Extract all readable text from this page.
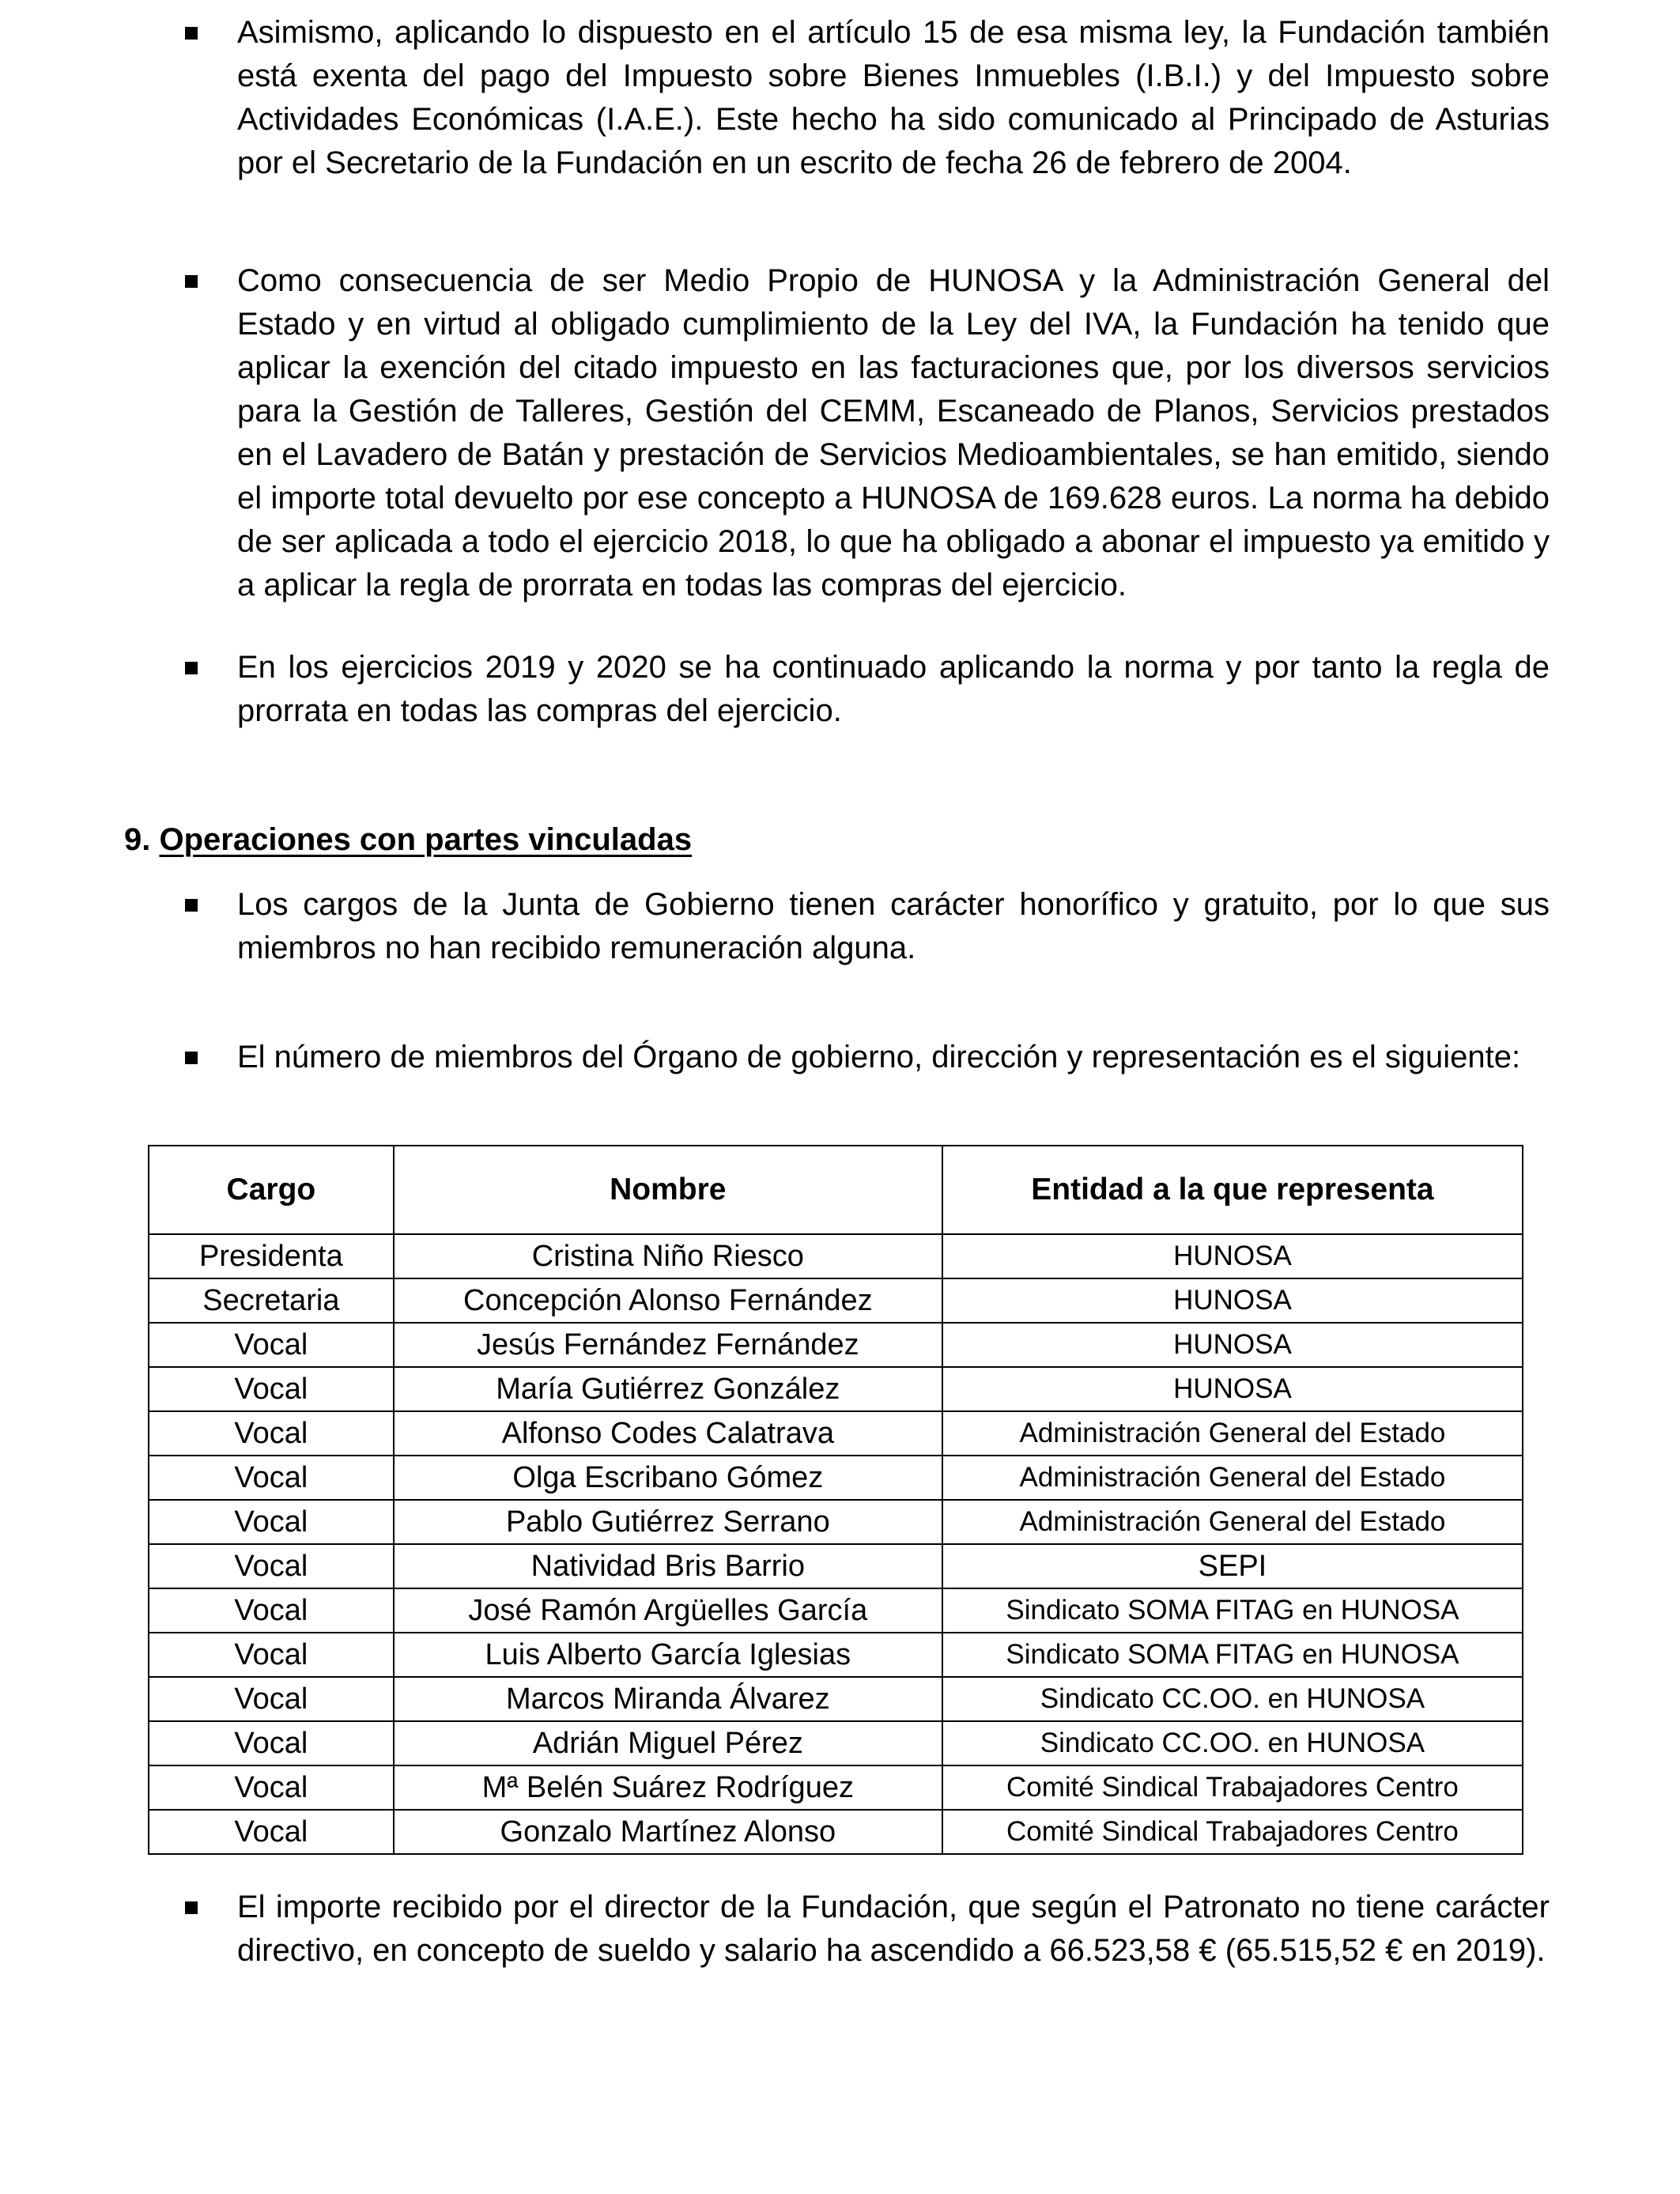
Asimismo, aplicando lo dispuesto en el artículo 15 de esa misma ley, la Fundación también está exenta del pago del Impuesto sobre Bienes Inmuebles (I.B.I.) y del Impuesto sobre Actividades Económicas (I.A.E.). Este hecho ha sido comunicado al Principado de Asturias por el Secretario de la Fundación en un escrito de fecha 26 de febrero de 2004.

Como consecuencia de ser Medio Propio de HUNOSA y la Administración General del Estado y en virtud al obligado cumplimiento de la Ley del IVA, la Fundación ha tenido que aplicar la exención del citado impuesto en las facturaciones que, por los diversos servicios para la Gestión de Talleres, Gestión del CEMM, Escaneado de Planos, Servicios prestados en el Lavadero de Batán y prestación de Servicios Medioambientales, se han emitido, siendo el importe total devuelto por ese concepto a HUNOSA de 169.628 euros. La norma ha debido de ser aplicada a todo el ejercicio 2018, lo que ha obligado a abonar el impuesto ya emitido y a aplicar la regla de prorrata en todas las compras del ejercicio.

En los ejercicios 2019 y 2020 se ha continuado aplicando la norma y por tanto la regla de prorrata en todas las compras del ejercicio.

9. Operaciones con partes vinculadas

Los cargos de la Junta de Gobierno tienen carácter honorífico y gratuito, por lo que sus miembros no han recibido remuneración alguna.

El número de miembros del Órgano de gobierno, dirección y representación es el siguiente:

Cargo	Nombre	Entidad a la que representa
Presidenta	Cristina Niño Riesco	HUNOSA
Secretaria	Concepción Alonso Fernández	HUNOSA
Vocal	Jesús Fernández Fernández	HUNOSA
Vocal	María Gutiérrez González	HUNOSA
Vocal	Alfonso Codes Calatrava	Administración General del Estado
Vocal	Olga Escribano Gómez	Administración General del Estado
Vocal	Pablo Gutiérrez Serrano	Administración General del Estado
Vocal	Natividad Bris Barrio	SEPI
Vocal	José Ramón Argüelles García	Sindicato SOMA FITAG en HUNOSA
Vocal	Luis Alberto García Iglesias	Sindicato SOMA FITAG en HUNOSA
Vocal	Marcos Miranda Álvarez	Sindicato CC.OO. en HUNOSA
Vocal	Adrián Miguel Pérez	Sindicato CC.OO. en HUNOSA
Vocal	Mª Belén Suárez Rodríguez	Comité Sindical Trabajadores Centro
Vocal	Gonzalo Martínez Alonso	Comité Sindical Trabajadores Centro

El importe recibido por el director de la Fundación, que según el Patronato no tiene carácter directivo, en concepto de sueldo y salario ha ascendido a 66.523,58 € (65.515,52 € en 2019).
